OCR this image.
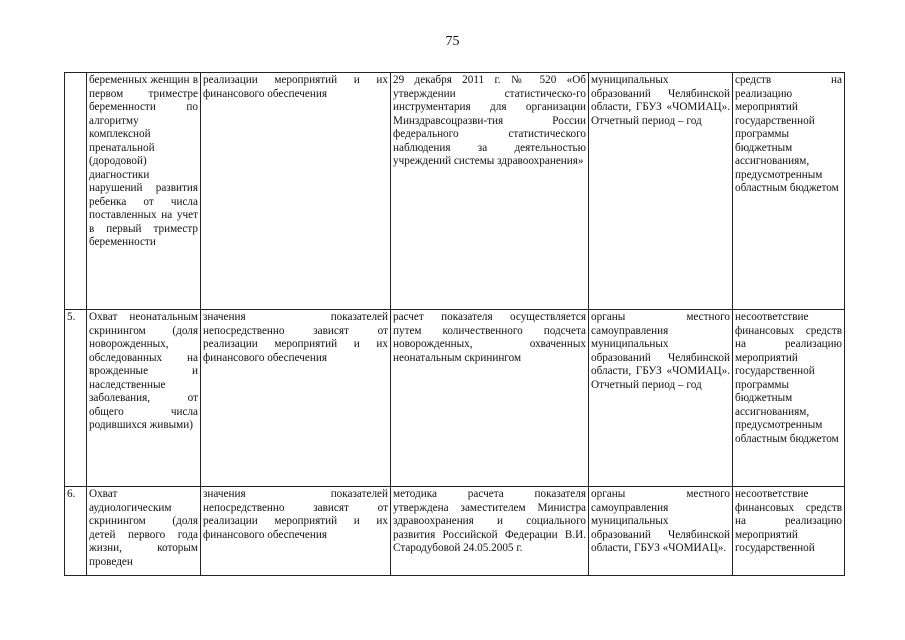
75

	беременных женщин в первом триместре беременности по алгоритму комплексной пренатальной (дородовой) диагностики нарушений развития ребенка от числа поставленных на учет в первый триместр беременности	реализации мероприятий и их финансового обеспечения	29 декабря 2011 г. № 520 «Об утверждении статистическо-го инструментария для организации Минздравсоцразви-тия России федерального статистического наблюдения за деятельностью учреждений системы здравоохранения»	муниципальных образований Челябинской области, ГБУЗ «ЧОМИАЦ». Отчетный период – год	средств на реализацию мероприятий государственной программы бюджетным ассигнованиям, предусмотренным областным бюджетом

5.	Охват неонатальным скринингом (доля новорожденных, обследованных на врожденные и наследственные заболевания, от общего числа родившихся живыми)	значения показателей непосредственно зависят от реализации мероприятий и их финансового обеспечения	расчет показателя осуществляется путем количественного подсчета новорожденных, охваченных неонатальным скринингом	органы местного самоуправления муниципальных образований Челябинской области, ГБУЗ «ЧОМИАЦ». Отчетный период – год	несоответствие финансовых средств на реализацию мероприятий государственной программы бюджетным ассигнованиям, предусмотренным областным бюджетом

6.	Охват аудиологическим скринингом (доля детей первого года жизни, которым проведен	значения показателей непосредственно зависят от реализации мероприятий и их финансового обеспечения	методика расчета показателя утверждена заместителем Министра здравоохранения и социального развития Российской Федерации В.И. Стародубовой 24.05.2005 г.	органы местного самоуправления муниципальных образований Челябинской области, ГБУЗ «ЧОМИАЦ».	несоответствие финансовых средств на реализацию мероприятий государственной
